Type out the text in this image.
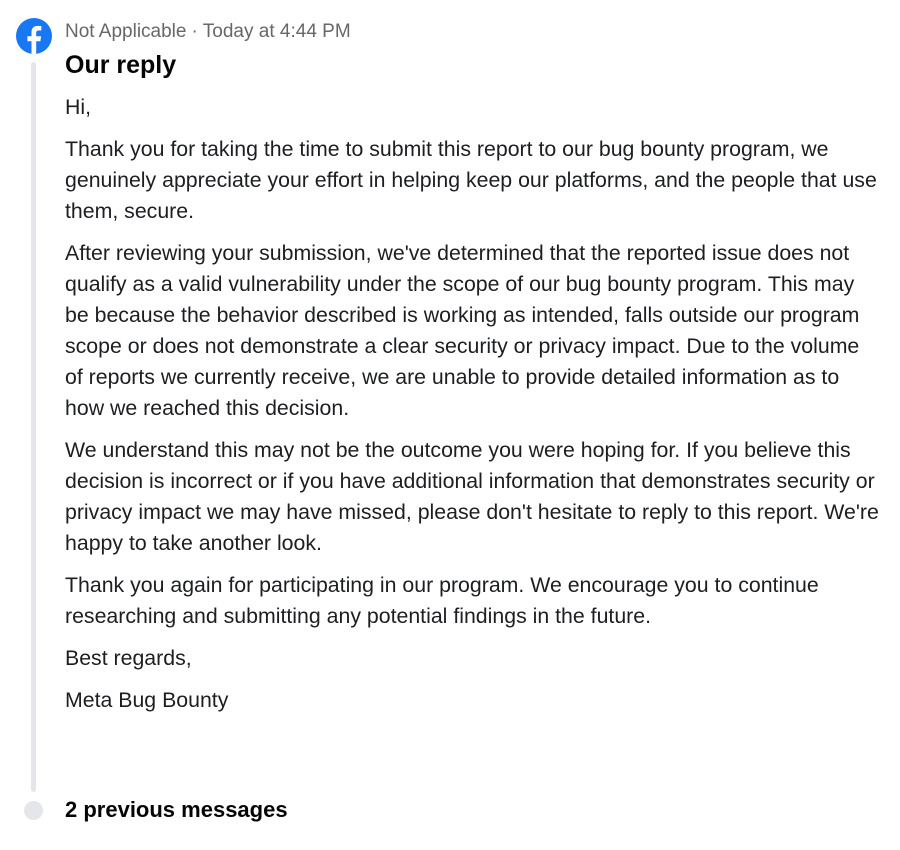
Not Applicable · Today at 4:44 PM
Our reply

Hi,

Thank you for taking the time to submit this report to our bug bounty program, we genuinely appreciate your effort in helping keep our platforms, and the people that use them, secure.

After reviewing your submission, we've determined that the reported issue does not qualify as a valid vulnerability under the scope of our bug bounty program. This may be because the behavior described is working as intended, falls outside our program scope or does not demonstrate a clear security or privacy impact. Due to the volume of reports we currently receive, we are unable to provide detailed information as to how we reached this decision.

We understand this may not be the outcome you were hoping for. If you believe this decision is incorrect or if you have additional information that demonstrates security or privacy impact we may have missed, please don't hesitate to reply to this report. We're happy to take another look.

Thank you again for participating in our program. We encourage you to continue researching and submitting any potential findings in the future.

Best regards,

Meta Bug Bounty

2 previous messages
